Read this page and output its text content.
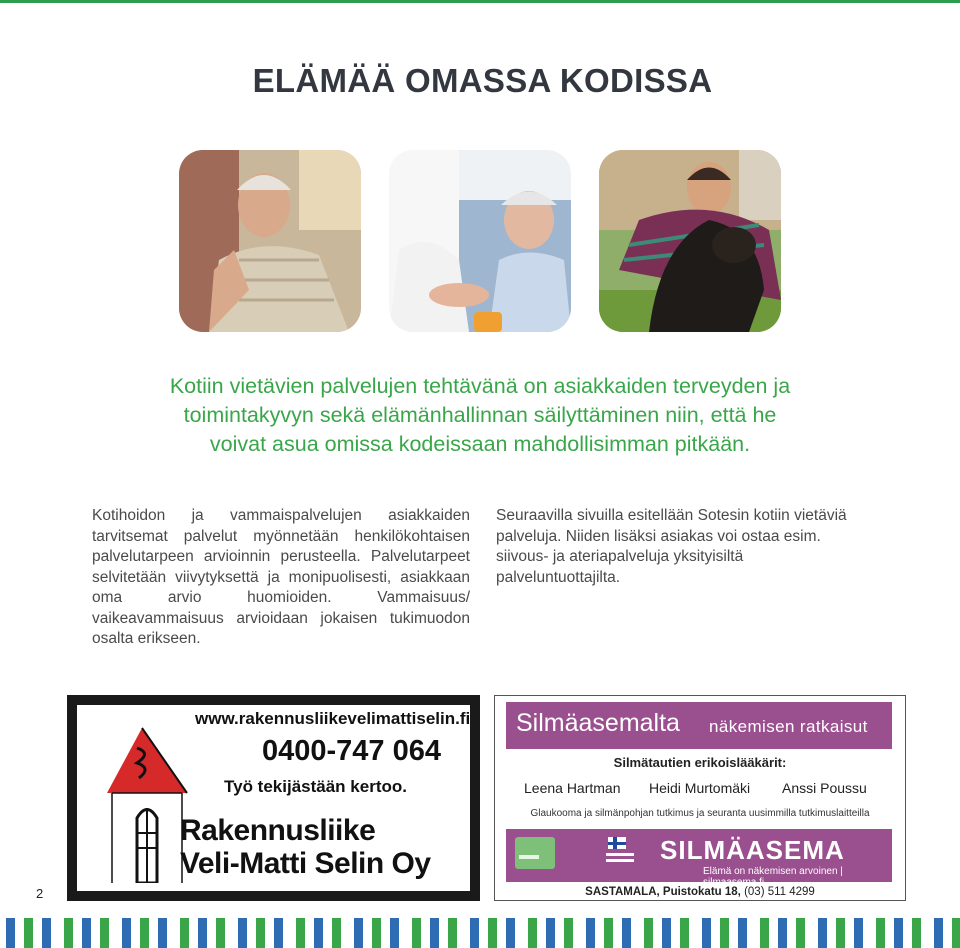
ELÄMÄÄ OMASSA KODISSA
Kotiin vietävien palvelujen tehtävänä on asiakkaiden terveyden ja
toimintakyvyn sekä elämänhallinnan säilyttäminen niin, että he
voivat asua omissa kodeissaan mahdollisimman pitkään.
Kotihoidon ja vammaispalvelujen asiakkaiden tarvitsemat palvelut myönnetään henkilökohtaisen palvelutarpeen arvioinnin perusteella. Palvelutarpeet selvitetään viivytyksettä ja monipuolisesti, asiakkaan oma arvio huomioiden. Vammaisuus/ vaikeavammaisuus arvioidaan jokaisen tukimuodon osalta erikseen.
Seuraavilla sivuilla esitellään Sotesin kotiin vietäviä palveluja. Niiden lisäksi asiakas voi ostaa esim. siivous- ja ateriapalveluja yksityisiltä palveluntuottajilta.
www.rakennusliikevelimattiselin.fi
0400-747 064
Työ tekijästään kertoo.
Rakennusliike
Veli-Matti Selin Oy
Silmäasemalta näkemisen ratkaisut
Silmätautien erikoislääkärit:
Leena Hartman Heidi Murtomäki Anssi Poussu
Glaukooma ja silmänpohjan tutkimus ja seuranta uusimmilla tutkimuslaitteilla
SILMÄASEMA
Elämä on näkemisen arvoinen | silmaasema.fi
SASTAMALA, Puistokatu 18, (03) 511 4299
2
